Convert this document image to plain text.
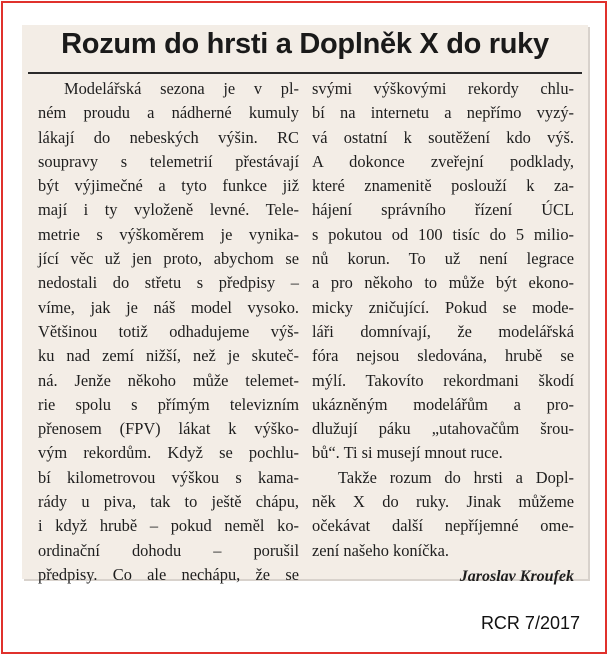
Rozum do hrsti a Doplněk X do ruky
Modelářská sezona je v pl-
ném proudu a nádherné kumuly
lákají do nebeských výšin. RC
soupravy s telemetrií přestávají
být výjimečné a tyto funkce již
mají i ty vyloženě levné. Tele-
metrie s výškoměrem je vynika-
jící věc už jen proto, abychom se
nedostali do střetu s předpisy –
víme, jak je náš model vysoko.
Většinou totiž odhadujeme výš-
ku nad zemí nižší, než je skuteč-
ná. Jenže někoho může telemet-
rie spolu s přímým televizním
přenosem (FPV) lákat k výško-
vým rekordům. Když se pochlu-
bí kilometrovou výškou s kama-
rády u piva, tak to ještě chápu,
i když hrubě – pokud neměl ko-
ordinační dohodu – porušil
předpisy. Co ale nechápu, že se
svými výškovými rekordy chlu-
bí na internetu a nepřímo vyzý-
vá ostatní k soutěžení kdo výš.
A dokonce zveřejní podklady,
které znamenitě poslouží k za-
hájení správního řízení ÚCL
s pokutou od 100 tisíc do 5 milio-
nů korun. To už není legrace
a pro někoho to může být ekono-
micky zničující. Pokud se mode-
láři domnívají, že modelářská
fóra nejsou sledována, hrubě se
mýlí. Takovíto rekordmani škodí
ukázněným modelářům a pro-
dlužují páku „utahovačům šrou-
bů“. Ti si musejí mnout ruce.
Takže rozum do hrsti a Dopl-
něk X do ruky. Jinak můžeme
očekávat další nepříjemné ome-
zení našeho koníčka.
Jaroslav Kroufek
RCR 7/2017
